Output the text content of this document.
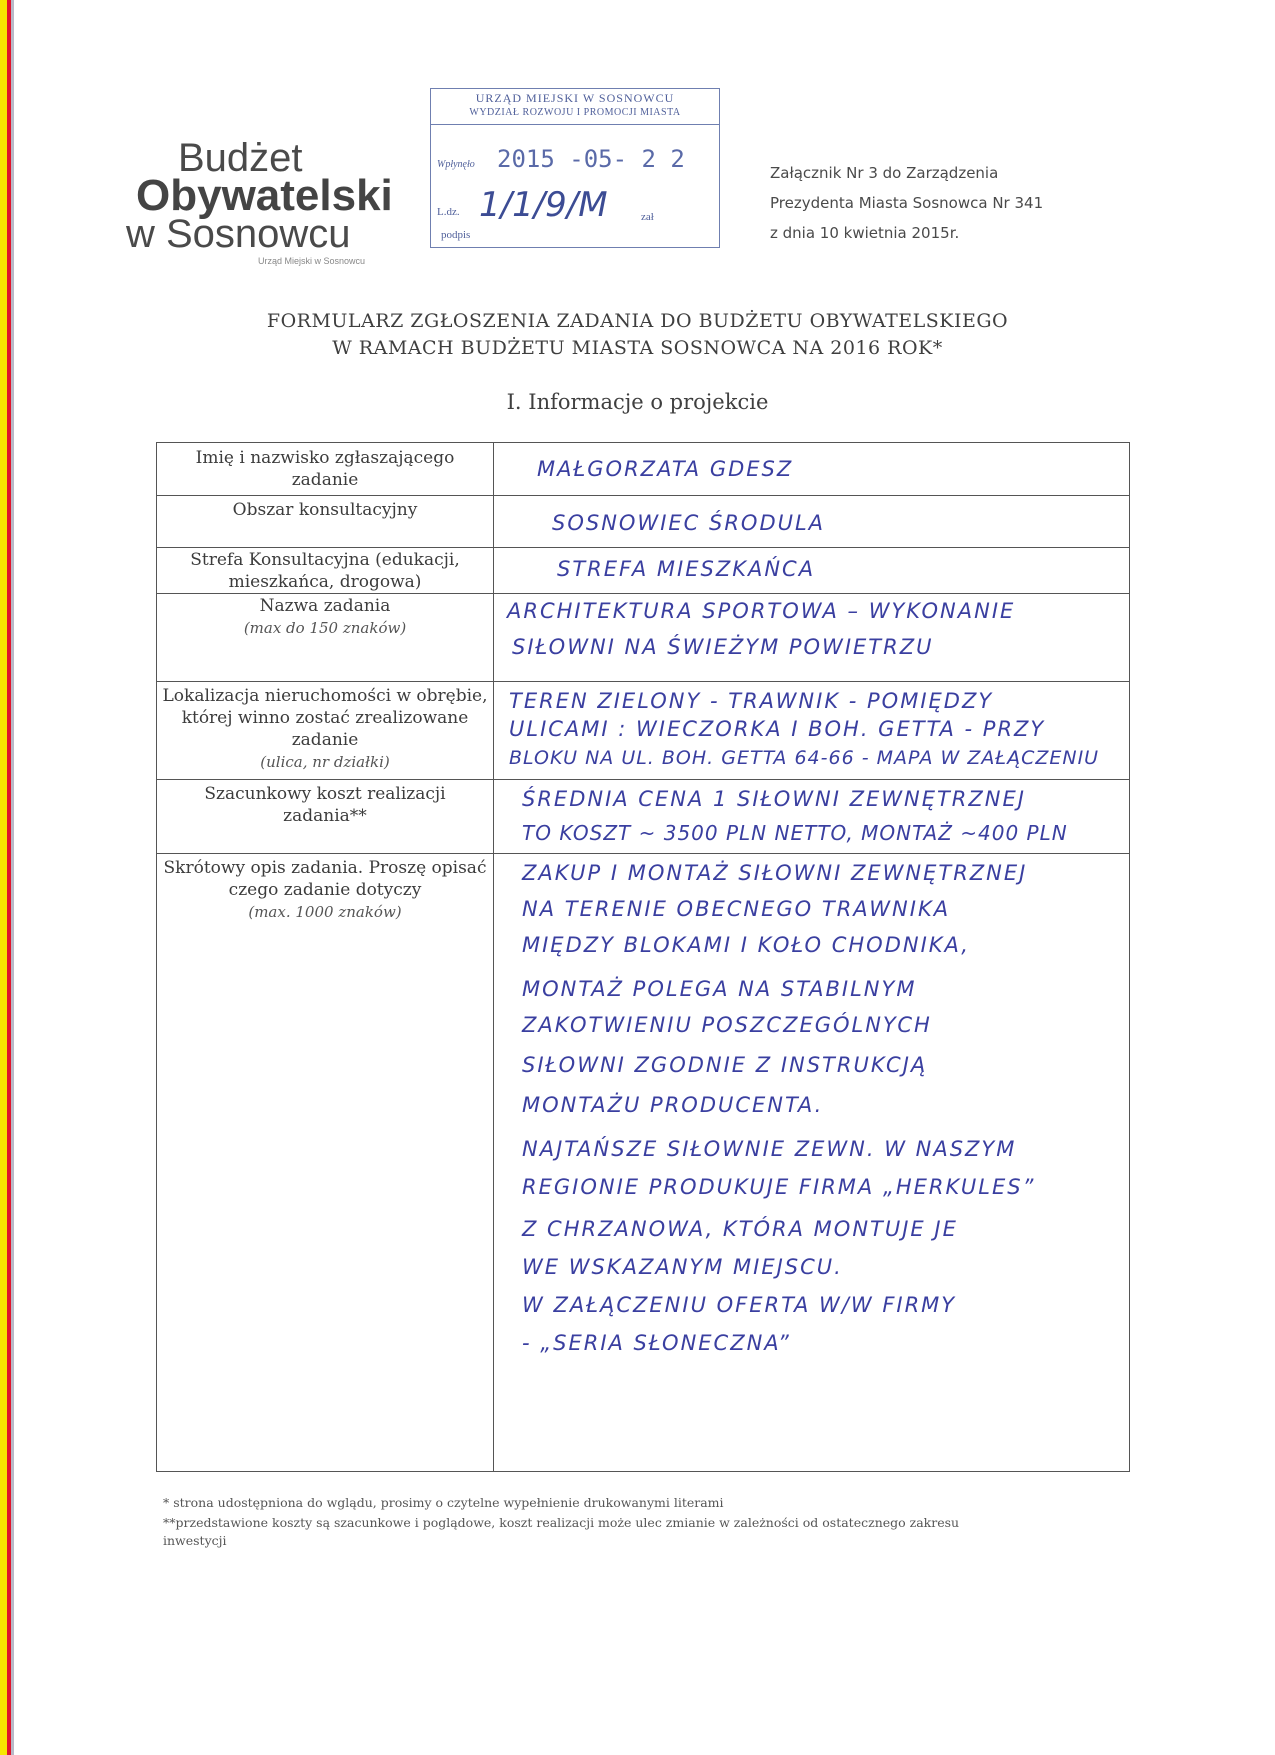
Budżet
Obywatelski
w Sosnowcu
Urząd Miejski w Sosnowcu
URZĄD MIEJSKI W SOSNOWCU
WYDZIAŁ ROZWOJU I PROMOCJI MIASTA
Wpłynęło 2015 -05- 2 2
L.dz. 1/1/9/M
podpis
zał
Załącznik Nr 3 do Zarządzenia
Prezydenta Miasta Sosnowca Nr 341
z dnia 10 kwietnia 2015r.
FORMULARZ ZGŁOSZENIA ZADANIA DO BUDŻETU OBYWATELSKIEGO
W RAMACH BUDŻETU MIASTA SOSNOWCA NA 2016 ROK*
I. Informacje o projekcie
Imię i nazwisko zgłaszającego zadanie	MAŁGORZATA GDESZ
Obszar konsultacyjny
SOSNOWIEC ŚRODULA
Strefa Konsultacyjna (edukacji, mieszkańca, drogowa)
STREFA MIESZKAŃCA
Nazwa zadania
(max do 150 znaków)
ARCHITEKTURA SPORTOWA – WYKONANIE
SIŁOWNI NA ŚWIEŻYM POWIETRZU
Lokalizacja nieruchomości w obrębie, której winno zostać zrealizowane zadanie
(ulica, nr działki)
TEREN ZIELONY - TRAWNIK - POMIĘDZY
ULICAMI : WIECZORKA I BOH. GETTA - PRZY
BLOKU NA UL. BOH. GETTA 64-66 - MAPA W ZAŁĄCZENIU
Szacunkowy koszt realizacji zadania**
ŚREDNIA CENA 1 SIŁOWNI ZEWNĘTRZNEJ
TO KOSZT ~ 3500 PLN NETTO, MONTAŻ ~400 PLN
Skrótowy opis zadania. Proszę opisać czego zadanie dotyczy
(max. 1000 znaków)
ZAKUP I MONTAŻ SIŁOWNI ZEWNĘTRZNEJ
NA TERENIE OBECNEGO TRAWNIKA
MIĘDZY BLOKAMI I KOŁO CHODNIKA,
MONTAŻ POLEGA NA STABILNYM
ZAKOTWIENIU POSZCZEGÓLNYCH
SIŁOWNI ZGODNIE Z INSTRUKCJĄ
MONTAŻU PRODUCENTA.
NAJTAŃSZE SIŁOWNIE ZEWN. W NASZYM
REGIONIE PRODUKUJE FIRMA „HERKULES”
Z CHRZANOWA, KTÓRA MONTUJE JE
WE WSKAZANYM MIEJSCU.
W ZAŁĄCZENIU OFERTA W/W FIRMY
- „SERIA SŁONECZNA”
* strona udostępniona do wglądu, prosimy o czytelne wypełnienie drukowanymi literami
**przedstawione koszty są szacunkowe i poglądowe, koszt realizacji może ulec zmianie w zależności od ostatecznego zakresu
inwestycji
